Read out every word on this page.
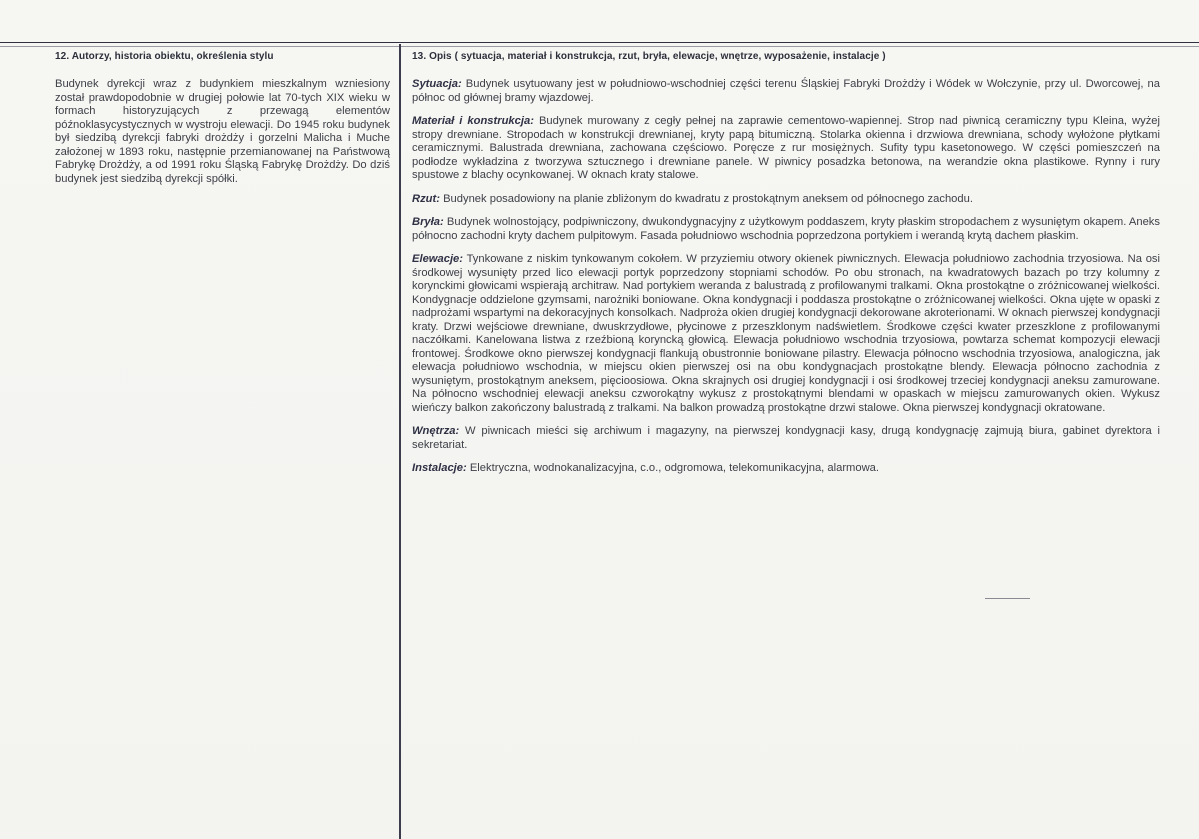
12. Autorzy, historia obiektu, określenia stylu

Budynek dyrekcji wraz z budynkiem mieszkalnym wzniesiony został prawdopodobnie w drugiej połowie lat 70-tych XIX wieku w formach historyzujących z przewagą elementów późnoklasycystycznych w wystroju elewacji. Do 1945 roku budynek był siedzibą dyrekcji fabryki drożdży i gorzelni Malicha i Muche założonej w 1893 roku, następnie przemianowanej na Państwową Fabrykę Drożdży, a od 1991 roku Śląską Fabrykę Drożdży. Do dziś budynek jest siedzibą dyrekcji spółki.

13. Opis ( sytuacja, materiał i konstrukcja, rzut, bryła, elewacje, wnętrze, wyposażenie, instalacje )

Sytuacja: Budynek usytuowany jest w południowo-wschodniej części terenu Śląskiej Fabryki Drożdży i Wódek w Wołczynie, przy ul. Dworcowej, na północ od głównej bramy wjazdowej.

Materiał i konstrukcja: Budynek murowany z cegły pełnej na zaprawie cementowo-wapiennej. Strop nad piwnicą ceramiczny typu Kleina, wyżej stropy drewniane. Stropodach w konstrukcji drewnianej, kryty papą bitumiczną. Stolarka okienna i drzwiowa drewniana, schody wyłożone płytkami ceramicznymi. Balustrada drewniana, zachowana częściowo. Poręcze z rur mosiężnych. Sufity typu kasetonowego. W części pomieszczeń na podłodze wykładzina z tworzywa sztucznego i drewniane panele. W piwnicy posadzka betonowa, na werandzie okna plastikowe. Rynny i rury spustowe z blachy ocynkowanej. W oknach kraty stalowe.

Rzut: Budynek posadowiony na planie zbliżonym do kwadratu z prostokątnym aneksem od północnego zachodu.

Bryła: Budynek wolnostojący, podpiwniczony, dwukondygnacyjny z użytkowym poddaszem, kryty płaskim stropodachem z wysuniętym okapem. Aneks północno zachodni kryty dachem pulpitowym. Fasada południowo wschodnia poprzedzona portykiem i werandą krytą dachem płaskim.

Elewacje: Tynkowane z niskim tynkowanym cokołem. W przyziemiu otwory okienek piwnicznych. Elewacja południowo zachodnia trzyosiowa. Na osi środkowej wysunięty przed lico elewacji portyk poprzedzony stopniami schodów. Po obu stronach, na kwadratowych bazach po trzy kolumny z korynckimi głowicami wspierają architraw. Nad portykiem weranda z balustradą z profilowanymi tralkami. Okna prostokątne o zróżnicowanej wielkości. Kondygnacje oddzielone gzymsami, narożniki boniowane. Okna kondygnacji i poddasza prostokątne o zróżnicowanej wielkości. Okna ujęte w opaski z nadprożami wspartymi na dekoracyjnych konsolkach. Nadproża okien drugiej kondygnacji dekorowane akroterionami. W oknach pierwszej kondygnacji kraty. Drzwi wejściowe drewniane, dwuskrzydłowe, płycinowe z przeszklonym nadświetlem. Środkowe części kwater przeszklone z profilowanymi naczółkami. Kanelowana listwa z rzeźbioną koryncką głowicą. Elewacja południowo wschodnia trzyosiowa, powtarza schemat kompozycji elewacji frontowej. Środkowe okno pierwszej kondygnacji flankują obustronnie boniowane pilastry. Elewacja północno wschodnia trzyosiowa, analogiczna, jak elewacja południowo wschodnia, w miejscu okien pierwszej osi na obu kondygnacjach prostokątne blendy. Elewacja północno zachodnia z wysuniętym, prostokątnym aneksem, pięcioosiowa. Okna skrajnych osi drugiej kondygnacji i osi środkowej trzeciej kondygnacji aneksu zamurowane. Na północno wschodniej elewacji aneksu czworokątny wykusz z prostokątnymi blendami w opaskach w miejscu zamurowanych okien. Wykusz wieńczy balkon zakończony balustradą z tralkami. Na balkon prowadzą prostokątne drzwi stalowe. Okna pierwszej kondygnacji okratowane.

Wnętrza: W piwnicach mieści się archiwum i magazyny, na pierwszej kondygnacji kasy, drugą kondygnację zajmują biura, gabinet dyrektora i sekretariat.

Instalacje: Elektryczna, wodnokanalizacyjna, c.o., odgromowa, telekomunikacyjna, alarmowa.
